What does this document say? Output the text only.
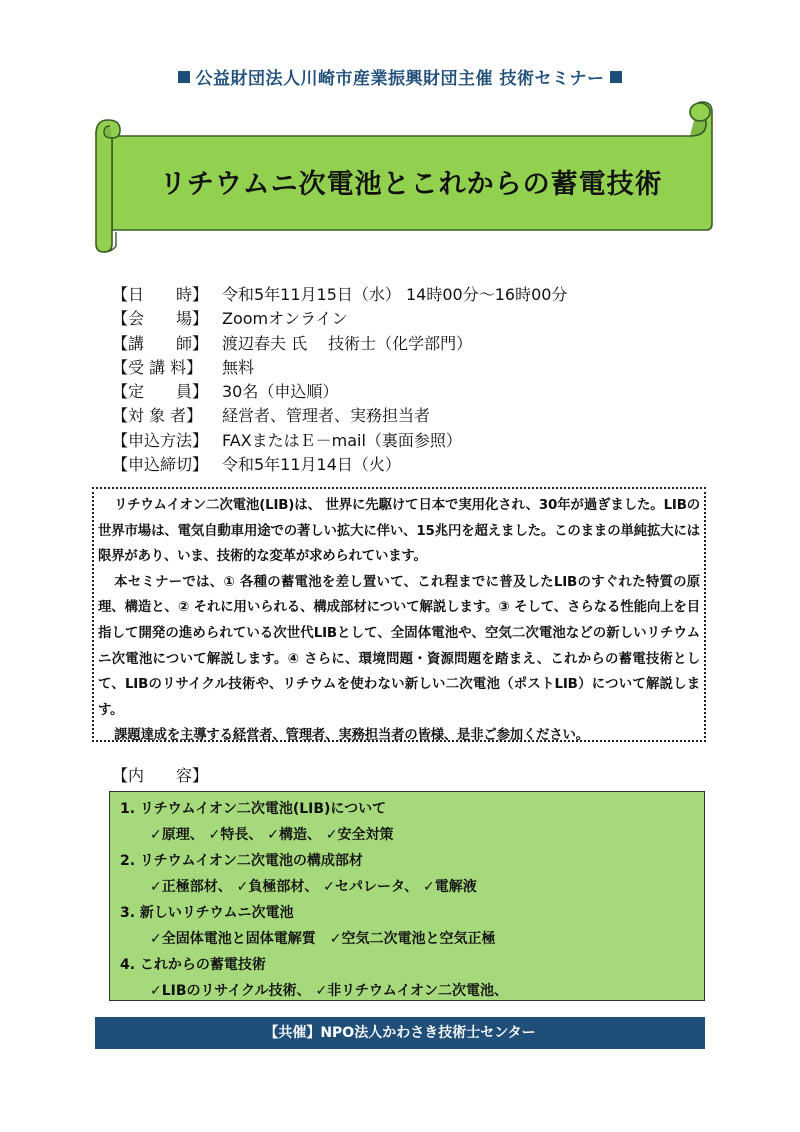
公益財団法人川崎市産業振興財団主催 技術セミナー
リチウムニ次電池とこれからの蓄電技術
【日　　時】 令和5年11月15日（水） 14時00分～16時00分
【会　　場】 Zoomオンライン
【講　　師】 渡辺春夫 氏　 技術士（化学部門）
【受 講 料】 無料
【定　　員】 30名（申込順）
【対 象 者】 経営者、管理者、実務担当者
【申込方法】 FAXまたはＥ－mail（裏面参照）
【申込締切】 令和5年11月14日（火）

リチウムイオン二次電池(LIB)は、 世界に先駆けて日本で実用化され、30年が過ぎました。LIBの世界市場は、電気自動車用途での著しい拡大に伴い、15兆円を超えました。このままの単純拡大には限界があり、いま、技術的な変革が求められています。

本セミナーでは、① 各種の蓄電池を差し置いて、これ程までに普及したLIBのすぐれた特質の原理、構造と、② それに用いられる、構成部材について解説します。③ そして、さらなる性能向上を目指して開発の進められている次世代LIBとして、全固体電池や、空気二次電池などの新しいリチウムニ次電池について解説します。④ さらに、環境問題・資源問題を踏まえ、これからの蓄電技術として、LIBのリサイクル技術や、リチウムを使わない新しい二次電池（ポストLIB）について解説します。

課題達成を主導する経営者、管理者、実務担当者の皆様、是非ご参加ください。

【内　　容】
1. リチウムイオン二次電池(LIB)について
✓原理、 ✓特長、 ✓構造、 ✓安全対策
2. リチウムイオン二次電池の構成部材
✓正極部材、 ✓負極部材、 ✓セパレータ、 ✓電解液
3. 新しいリチウムニ次電池
✓全固体電池と固体電解質　✓空気二次電池と空気正極
4. これからの蓄電技術
✓LIBのリサイクル技術、 ✓非リチウムイオン二次電池、
【共催】NPO法人かわさき技術士センター
